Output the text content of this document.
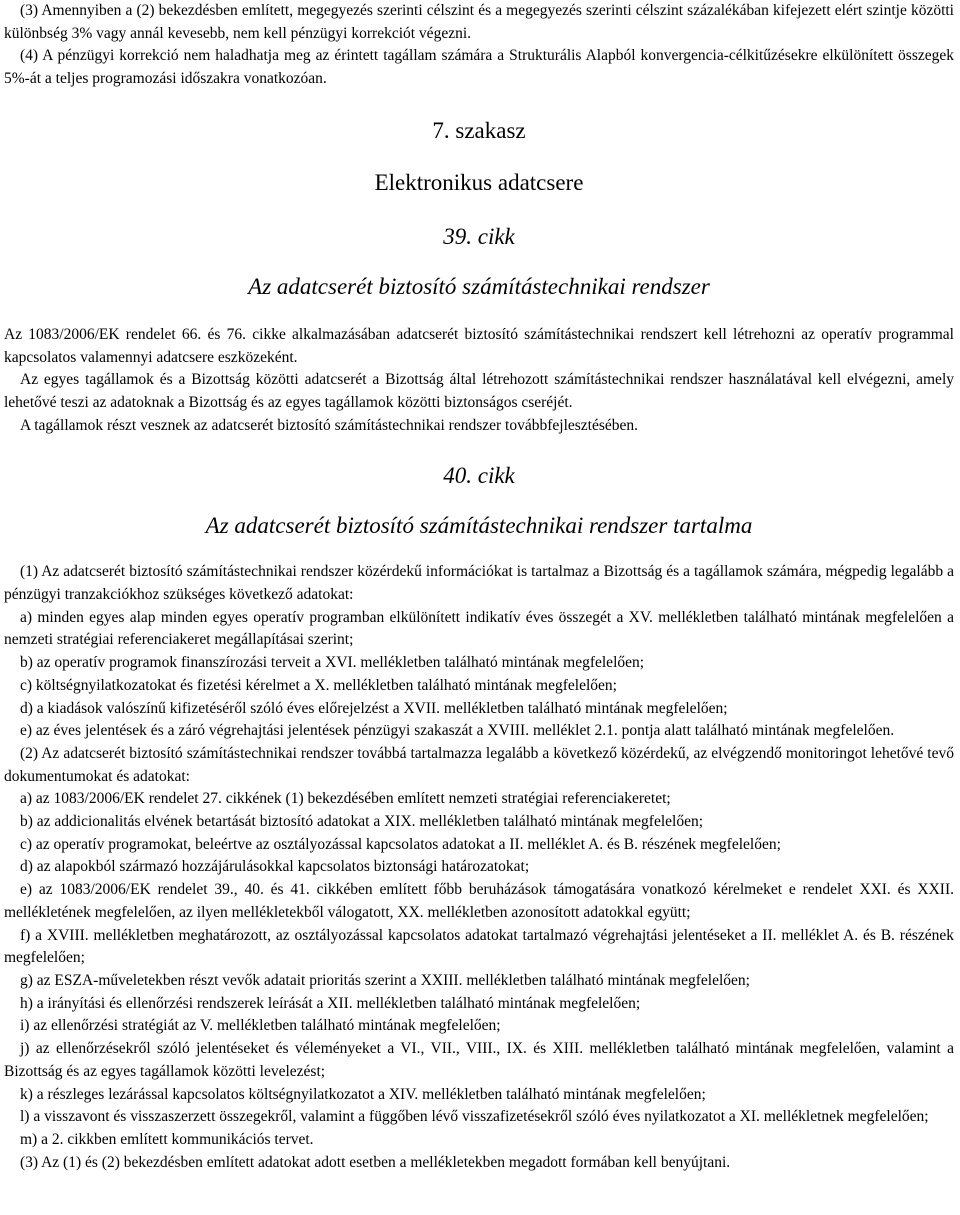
(3) Amennyiben a (2) bekezdésben említett, megegyezés szerinti célszint és a megegyezés szerinti célszint százalékában kifejezett elért szintje közötti különbség 3% vagy annál kevesebb, nem kell pénzügyi korrekciót végezni.

(4) A pénzügyi korrekció nem haladhatja meg az érintett tagállam számára a Strukturális Alapból konvergencia-célkitűzésekre elkülönített összegek 5%-át a teljes programozási időszakra vonatkozóan.

7. szakasz
Elektronikus adatcsere
39. cikk
Az adatcserét biztosító számítástechnikai rendszer

Az 1083/2006/EK rendelet 66. és 76. cikke alkalmazásában adatcserét biztosító számítástechnikai rendszert kell létrehozni az operatív programmal kapcsolatos valamennyi adatcsere eszközeként.

Az egyes tagállamok és a Bizottság közötti adatcserét a Bizottság által létrehozott számítástechnikai rendszer használatával kell elvégezni, amely lehetővé teszi az adatoknak a Bizottság és az egyes tagállamok közötti biztonságos cseréjét.

A tagállamok részt vesznek az adatcserét biztosító számítástechnikai rendszer továbbfejlesztésében.

40. cikk
Az adatcserét biztosító számítástechnikai rendszer tartalma

(1) Az adatcserét biztosító számítástechnikai rendszer közérdekű információkat is tartalmaz a Bizottság és a tagállamok számára, mégpedig legalább a pénzügyi tranzakciókhoz szükséges következő adatokat:

a) minden egyes alap minden egyes operatív programban elkülönített indikatív éves összegét a XV. mellékletben található mintának megfelelően a nemzeti stratégiai referenciakeret megállapításai szerint;

b) az operatív programok finanszírozási terveit a XVI. mellékletben található mintának megfelelően;

c) költségnyilatkozatokat és fizetési kérelmet a X. mellékletben található mintának megfelelően;

d) a kiadások valószínű kifizetéséről szóló éves előrejelzést a XVII. mellékletben található mintának megfelelően;

e) az éves jelentések és a záró végrehajtási jelentések pénzügyi szakaszát a XVIII. melléklet 2.1. pontja alatt található mintának megfelelően.

(2) Az adatcserét biztosító számítástechnikai rendszer továbbá tartalmazza legalább a következő közérdekű, az elvégzendő monitoringot lehetővé tevő dokumentumokat és adatokat:

a) az 1083/2006/EK rendelet 27. cikkének (1) bekezdésében említett nemzeti stratégiai referenciakeretet;

b) az addicionalitás elvének betartását biztosító adatokat a XIX. mellékletben található mintának megfelelően;

c) az operatív programokat, beleértve az osztályozással kapcsolatos adatokat a II. melléklet A. és B. részének megfelelően;

d) az alapokból származó hozzájárulásokkal kapcsolatos biztonsági határozatokat;

e) az 1083/2006/EK rendelet 39., 40. és 41. cikkében említett főbb beruházások támogatására vonatkozó kérelmeket e rendelet XXI. és XXII. mellékletének megfelelően, az ilyen mellékletekből válogatott, XX. mellékletben azonosított adatokkal együtt;

f) a XVIII. mellékletben meghatározott, az osztályozással kapcsolatos adatokat tartalmazó végrehajtási jelentéseket a II. melléklet A. és B. részének megfelelően;

g) az ESZA-műveletekben részt vevők adatait prioritás szerint a XXIII. mellékletben található mintának megfelelően;

h) a irányítási és ellenőrzési rendszerek leírását a XII. mellékletben található mintának megfelelően;

i) az ellenőrzési stratégiát az V. mellékletben található mintának megfelelően;

j) az ellenőrzésekről szóló jelentéseket és véleményeket a VI., VII., VIII., IX. és XIII. mellékletben található mintának megfelelően, valamint a Bizottság és az egyes tagállamok közötti levelezést;

k) a részleges lezárással kapcsolatos költségnyilatkozatot a XIV. mellékletben található mintának megfelelően;

l) a visszavont és visszaszerzett összegekről, valamint a függőben lévő visszafizetésekről szóló éves nyilatkozatot a XI. mellékletnek megfelelően;

m) a 2. cikkben említett kommunikációs tervet.

(3) Az (1) és (2) bekezdésben említett adatokat adott esetben a mellékletekben megadott formában kell benyújtani.
